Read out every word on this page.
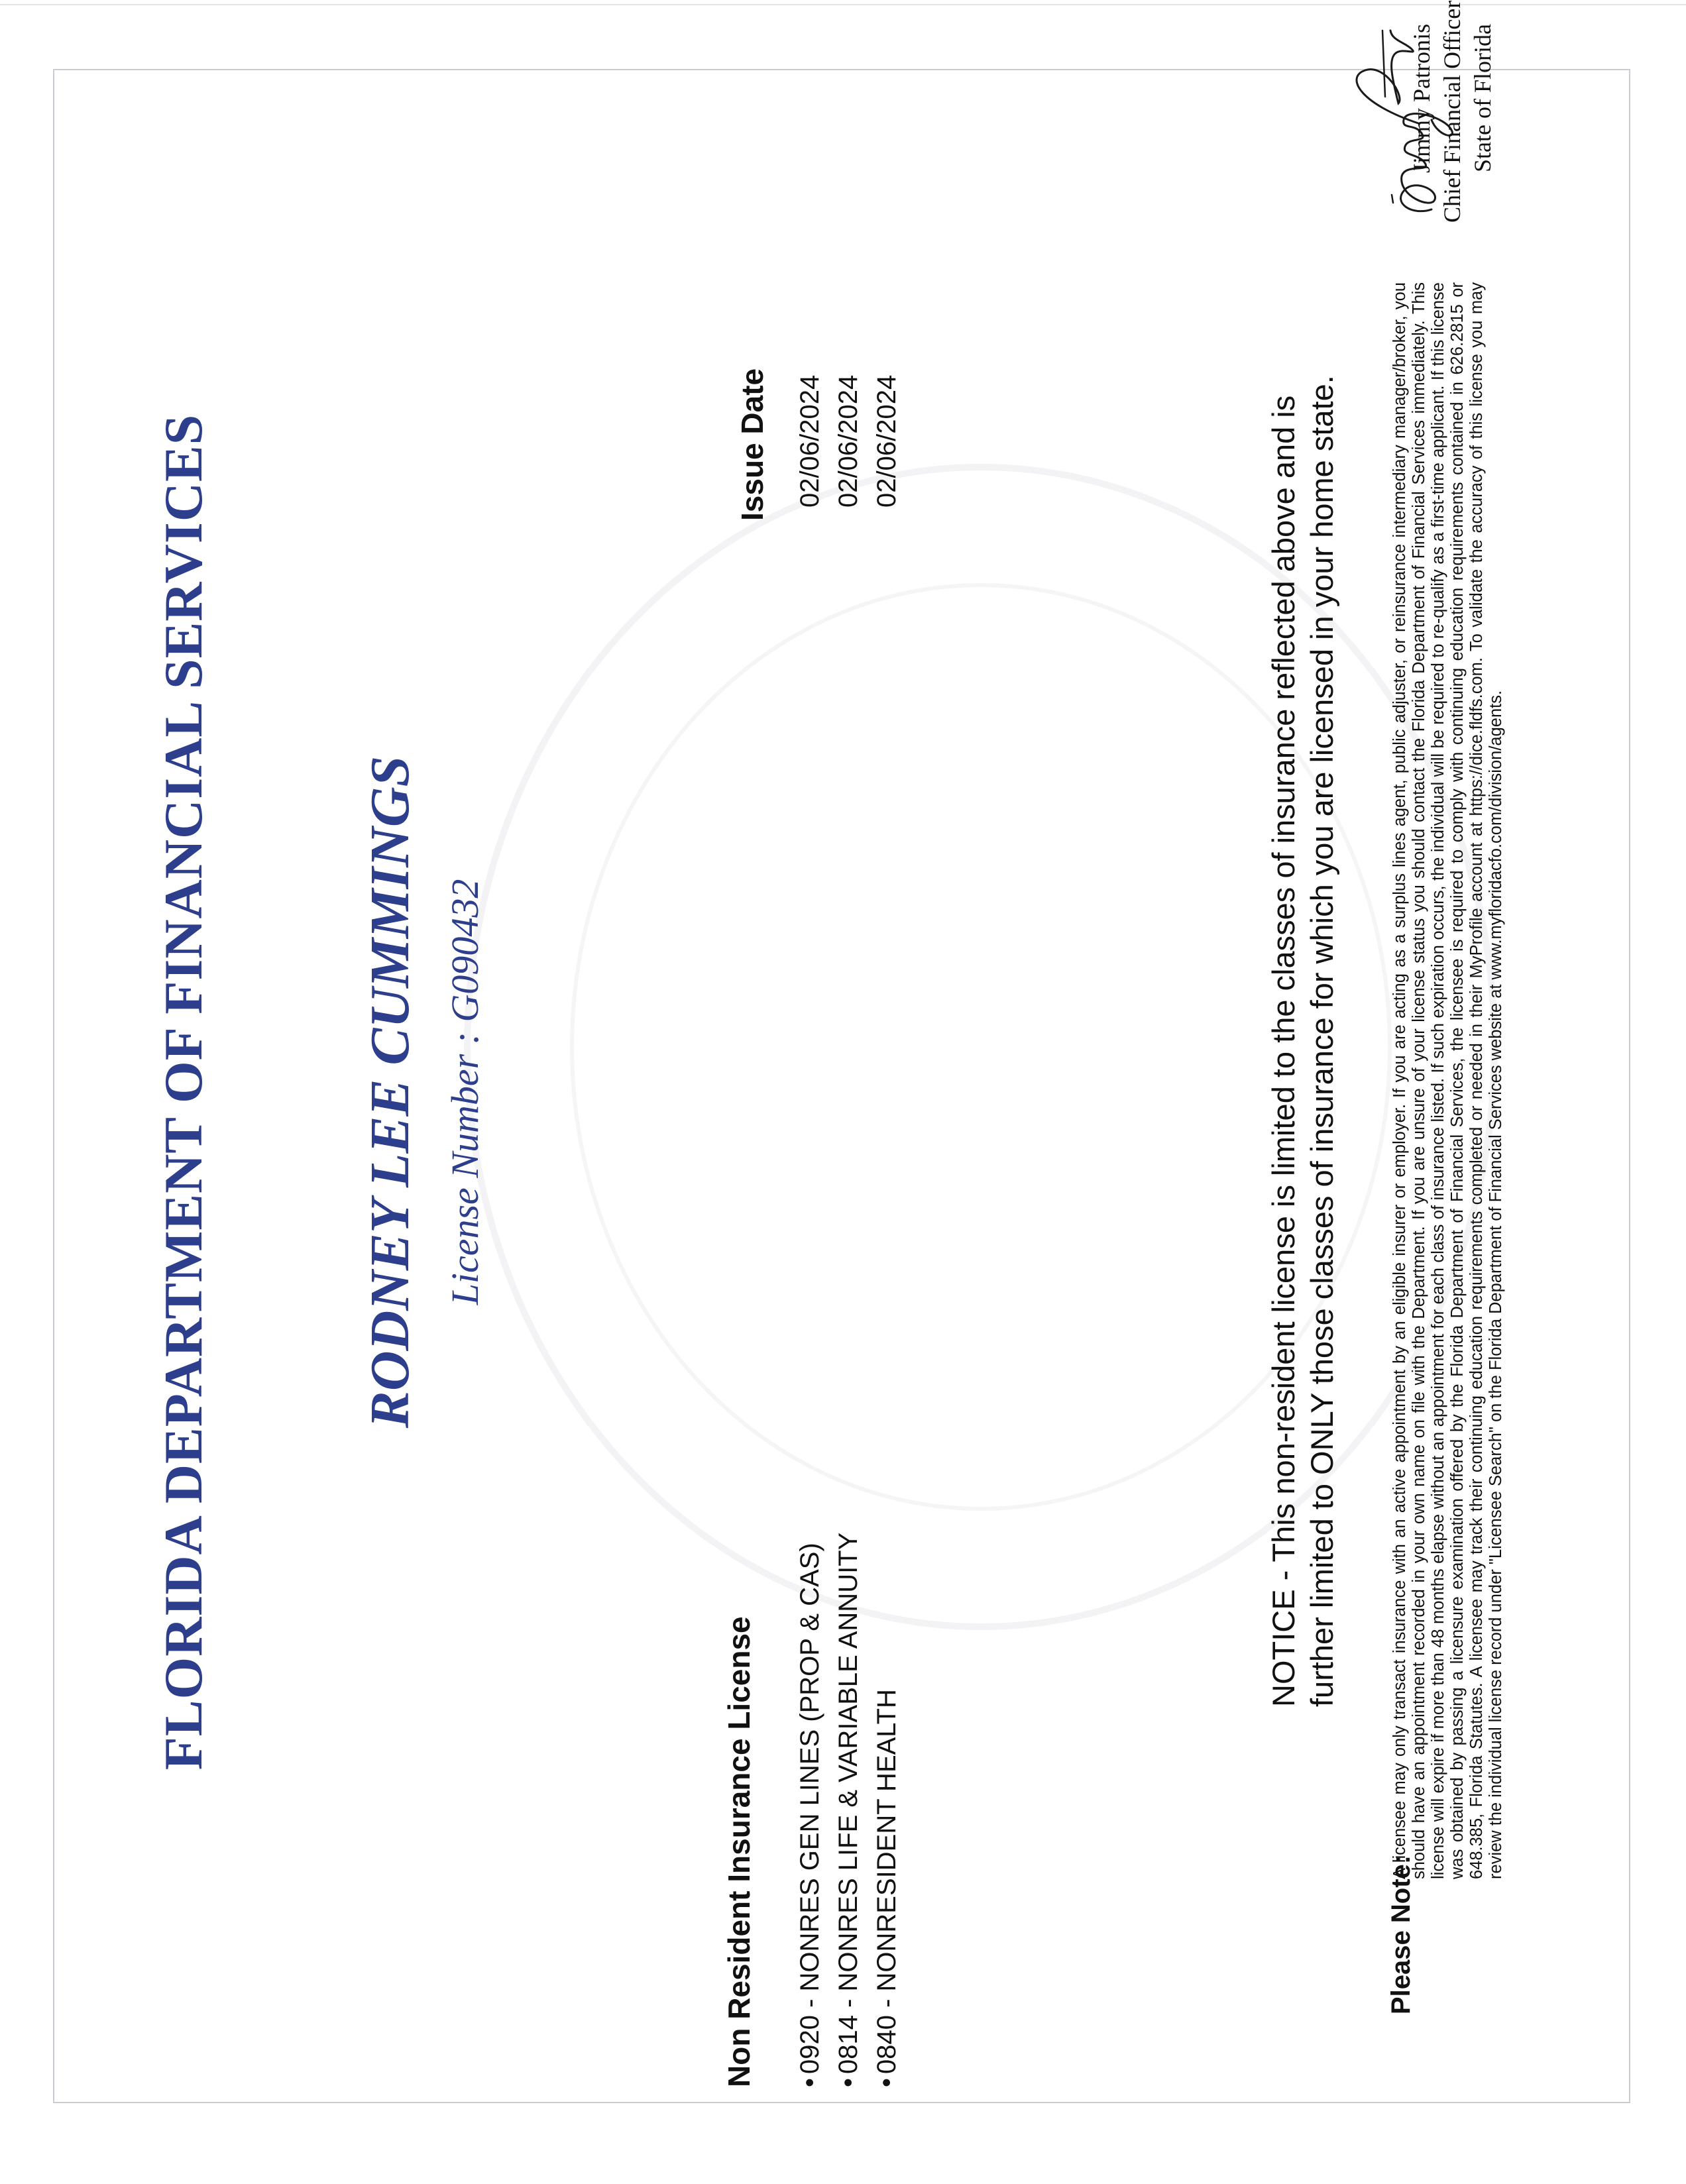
FLORIDA DEPARTMENT OF FINANCIAL SERVICES	RODNEY LEE CUMMINGS License Number : G090432
Non Resident Insurance License
Issue Date
•0920 - NONRES GEN LINES (PROP & CAS)
•0814 - NONRES LIFE & VARIABLE ANNUITY
•0840 - NONRESIDENT HEALTH
02/06/2024 02/06/2024 02/06/2024	NOTICE - This non-resident license is limited to the classes of insurance reflected above and is further limited to ONLY those classes of insurance for which you are licensed in your home state.

Please Note:

A licensee may only transact insurance with an active appointment by an eligible insurer or employer. If you are acting as a surplus lines agent, public adjuster, or reinsurance intermediary manager/broker, you should have an appointment recorded in your own name on file with the Department. If you are unsure of your license status you should contact the Florida Department of Financial Services immediately. This license will expire if more than 48 months elapse without an appointment for each class of insurance listed. If such expiration occurs, the individual will be required to re-qualify as a first-time applicant. If this license was obtained by passing a licensure examination offered by the Florida Department of Financial Services, the licensee is required to comply with continuing education requirements contained in 626.2815 or 648.385, Florida Statutes. A licensee may track their continuing education requirements completed or needed in their MyProfile account at https://dice.fldfs.com. To validate the accuracy of this license you may review the individual license record under "Licensee Search" on the Florida Department of Financial Services website at www.myfloridacfo.com/division/agents.

Jimmy Patronis Chief Financial Officer State of Florida
